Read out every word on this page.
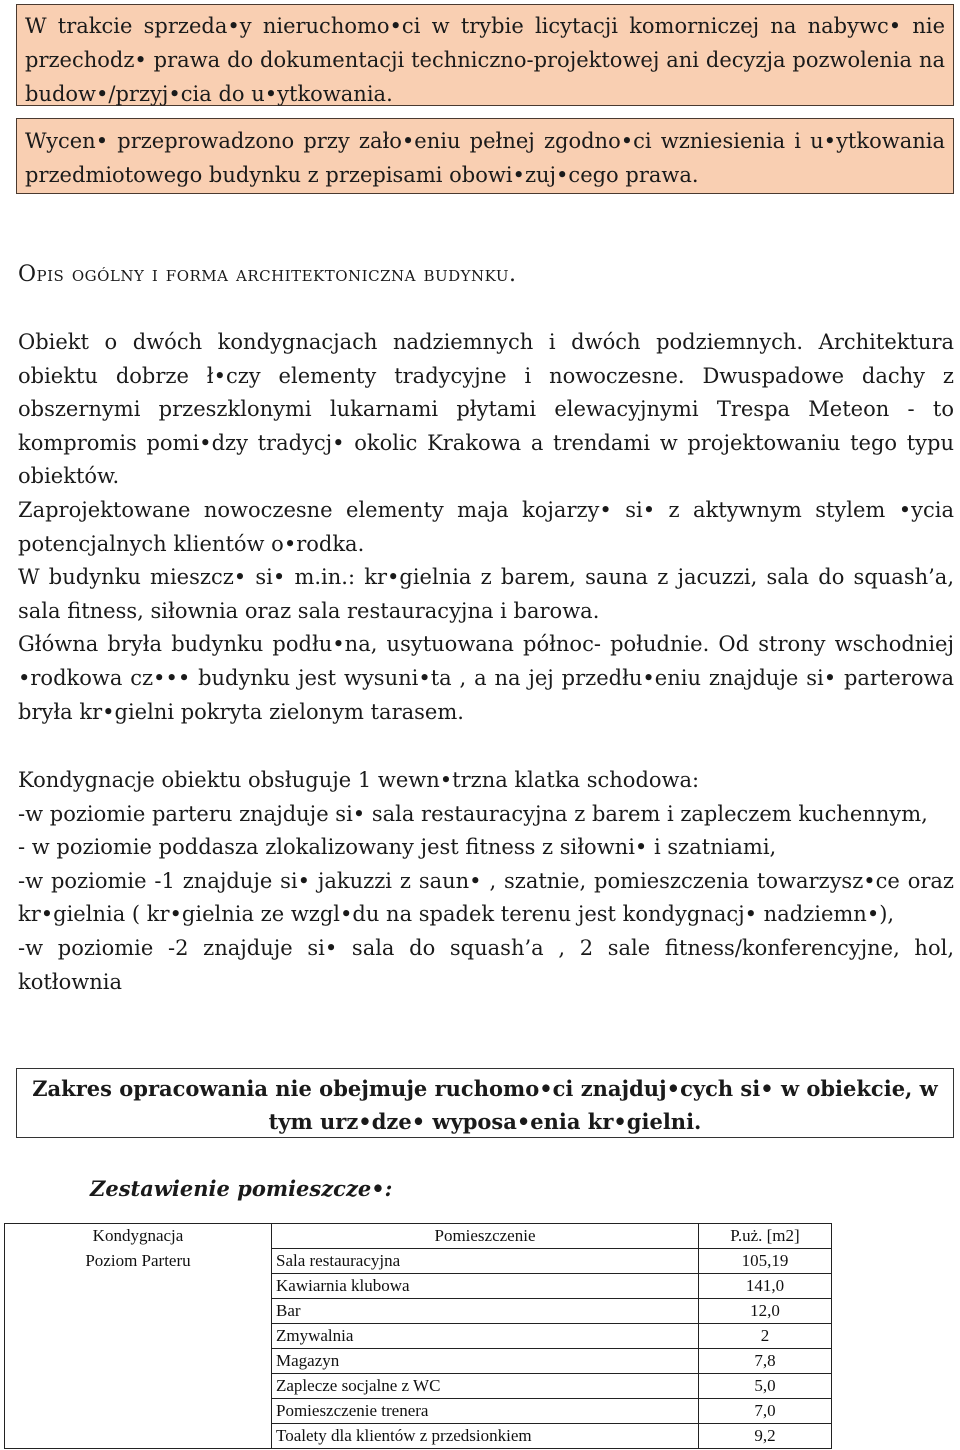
W trakcie sprzeda•y nieruchomo•ci w trybie licytacji komorniczej na nabywc• nie przechodz• prawa do dokumentacji techniczno-projektowej ani decyzja pozwolenia na budow•/przyj•cia do u•ytkowania.
Wycen• przeprowadzono przy zało•eniu pełnej zgodno•ci wzniesienia i u•ytkowania przedmiotowego budynku z przepisami obowi•zuj•cego prawa.
Opis ogólny i forma architektoniczna budynku.

Obiekt o dwóch kondygnacjach nadziemnych i dwóch podziemnych. Architektura obiektu dobrze ł•czy elementy tradycyjne i nowoczesne. Dwuspadowe dachy z obszernymi przeszklonymi lukarnami płytami elewacyjnymi Trespa Meteon - to kompromis pomi•dzy tradycj• okolic Krakowa a trendami w projektowaniu tego typu obiektów.

Zaprojektowane nowoczesne elementy maja kojarzy• si• z aktywnym stylem •ycia potencjalnych klientów o•rodka.

W budynku mieszcz• si• m.in.: kr•gielnia z barem, sauna z jacuzzi, sala do squash’a, sala fitness, siłownia oraz sala restauracyjna i barowa.

Główna bryła budynku podłu•na, usytuowana północ- południe. Od strony wschodniej •rodkowa cz••• budynku jest wysuni•ta , a na jej przedłu•eniu znajduje si• parterowa bryła kr•gielni pokryta zielonym tarasem.

Kondygnacje obiektu obsługuje 1 wewn•trzna klatka schodowa:

-w poziomie parteru znajduje si• sala restauracyjna z barem i zapleczem kuchennym,

- w poziomie poddasza zlokalizowany jest fitness z siłowni• i szatniami,

-w poziomie -1 znajduje si• jakuzzi z saun• , szatnie, pomieszczenia towarzysz•ce oraz kr•gielnia ( kr•gielnia ze wzgl•du na spadek terenu jest kondygnacj• nadziemn•),

-w poziomie -2 znajduje si• sala do squash’a , 2 sale fitness/konferencyjne, hol, kotłownia

Zakres opracowania nie obejmuje ruchomo•ci znajduj•cych si• w obiekcie, w tym urz•dze• wyposa•enia kr•gielni.
Zestawienie pomieszcze•:
Kondygnacja	Pomieszczenie	P.uż. [m2]
Poziom Parteru	Sala restauracyjna	105,19
	Kawiarnia klubowa	141,0
	Bar	12,0
	Zmywalnia	2
	Magazyn	7,8
	Zaplecze socjalne z WC	5,0
	Pomieszczenie trenera	7,0
	Toalety dla klientów z przedsionkiem	9,2
